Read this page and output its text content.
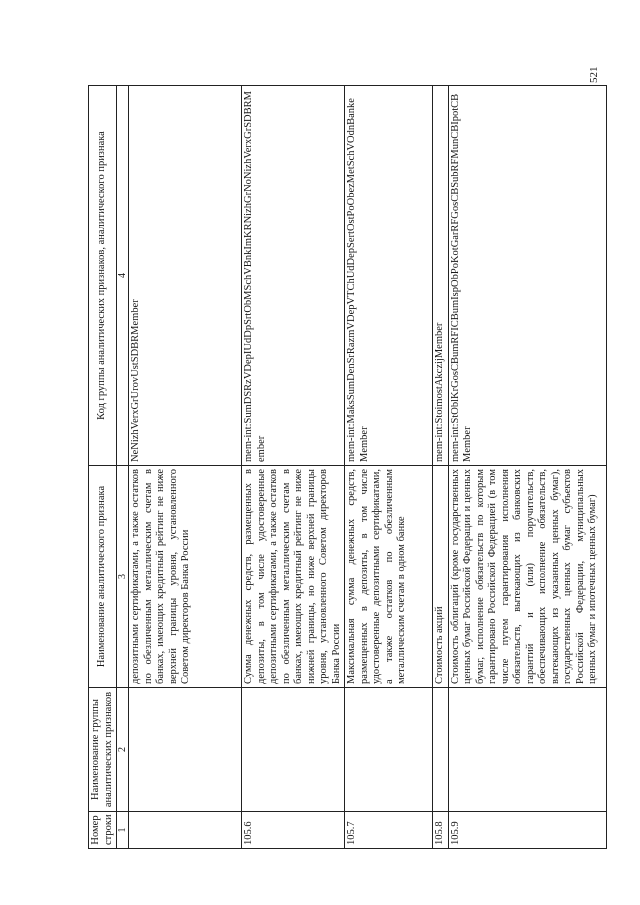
Номер строки	Наименование группы аналитических признаков	Наименование аналитического признака	Код группы аналитических признаков, аналитического признака
1	2	3	4
		депозитными сертификатами, а также остатков по обезличенным металлическим счетам в банках, имеющих кредитный рейтинг не ниже верхней границы уровня, установленного Советом директоров Банка России	NeNizhVerxGrUrovUstSDBRMember
105.6		Сумма денежных средств, размещенных в депозиты, в том числе удостоверенные депозитными сертификатами, а также остатков по обезличенным металлическим счетам в банках, имеющих кредитный рейтинг не ниже нижней границы, но ниже верхней границы уровня, установленного Советом директоров Банка России	mem-int:SumDSRzVDepIUdDpSrtObMSchVBnkImKRNizhGrNoNizhVerxGrSDBRMember
105.7		Максимальная сумма денежных средств, размещенных в депозиты, в том числе удостоверенные депозитными сертификатами, а также остатков по обезличенным металлическим счетам в одном банке	mem-int:MaksSumDenSrRazmVDepVTChUdDepSertOstPoObezMetSchVOdnBankeMember
105.8		Стоимость акций	mem-int:StoimostAkczijMember
105.9		Стоимость облигаций (кроме государственных ценных бумаг Российской Федерации и ценных бумаг, исполнение обязательств по которым гарантировано Российской Федерацией (в том числе путем гарантирования исполнения обязательств, вытекающих из банковских гарантий и (или) поручительств, обеспечивающих исполнение обязательств, вытекающих из указанных ценных бумаг), государственных ценных бумаг субъектов Российской Федерации, муниципальных ценных бумаг и ипотечных ценных бумаг)	mem-int:StOblKrGosCBumRFICBumIspObPoKotGarRFGosCBSubRFMunCBIpotCBMember
521
